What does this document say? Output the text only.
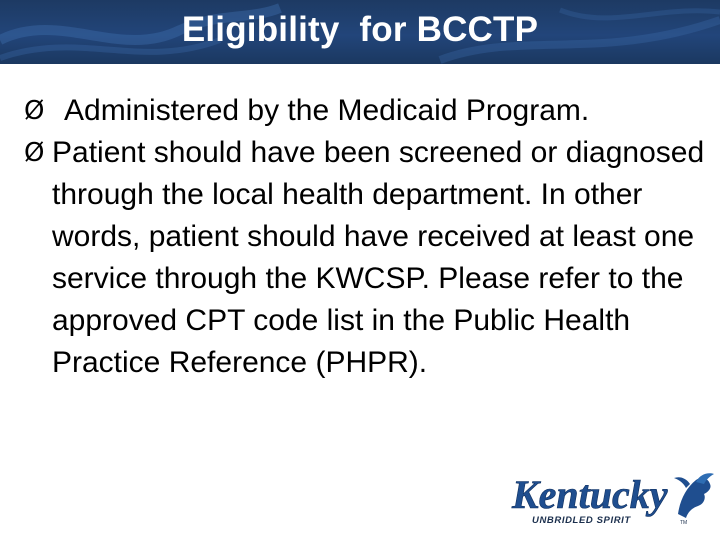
Eligibility  for BCCTP
Ø Administered by the Medicaid Program.
Ø Patient should have been screened or diagnosed through the local health department. In other words, patient should have received at least one service through the KWCSP. Please refer to the approved CPT code list in the Public Health Practice Reference (PHPR).
Kentucky
UNBRIDLED SPIRIT	TM
